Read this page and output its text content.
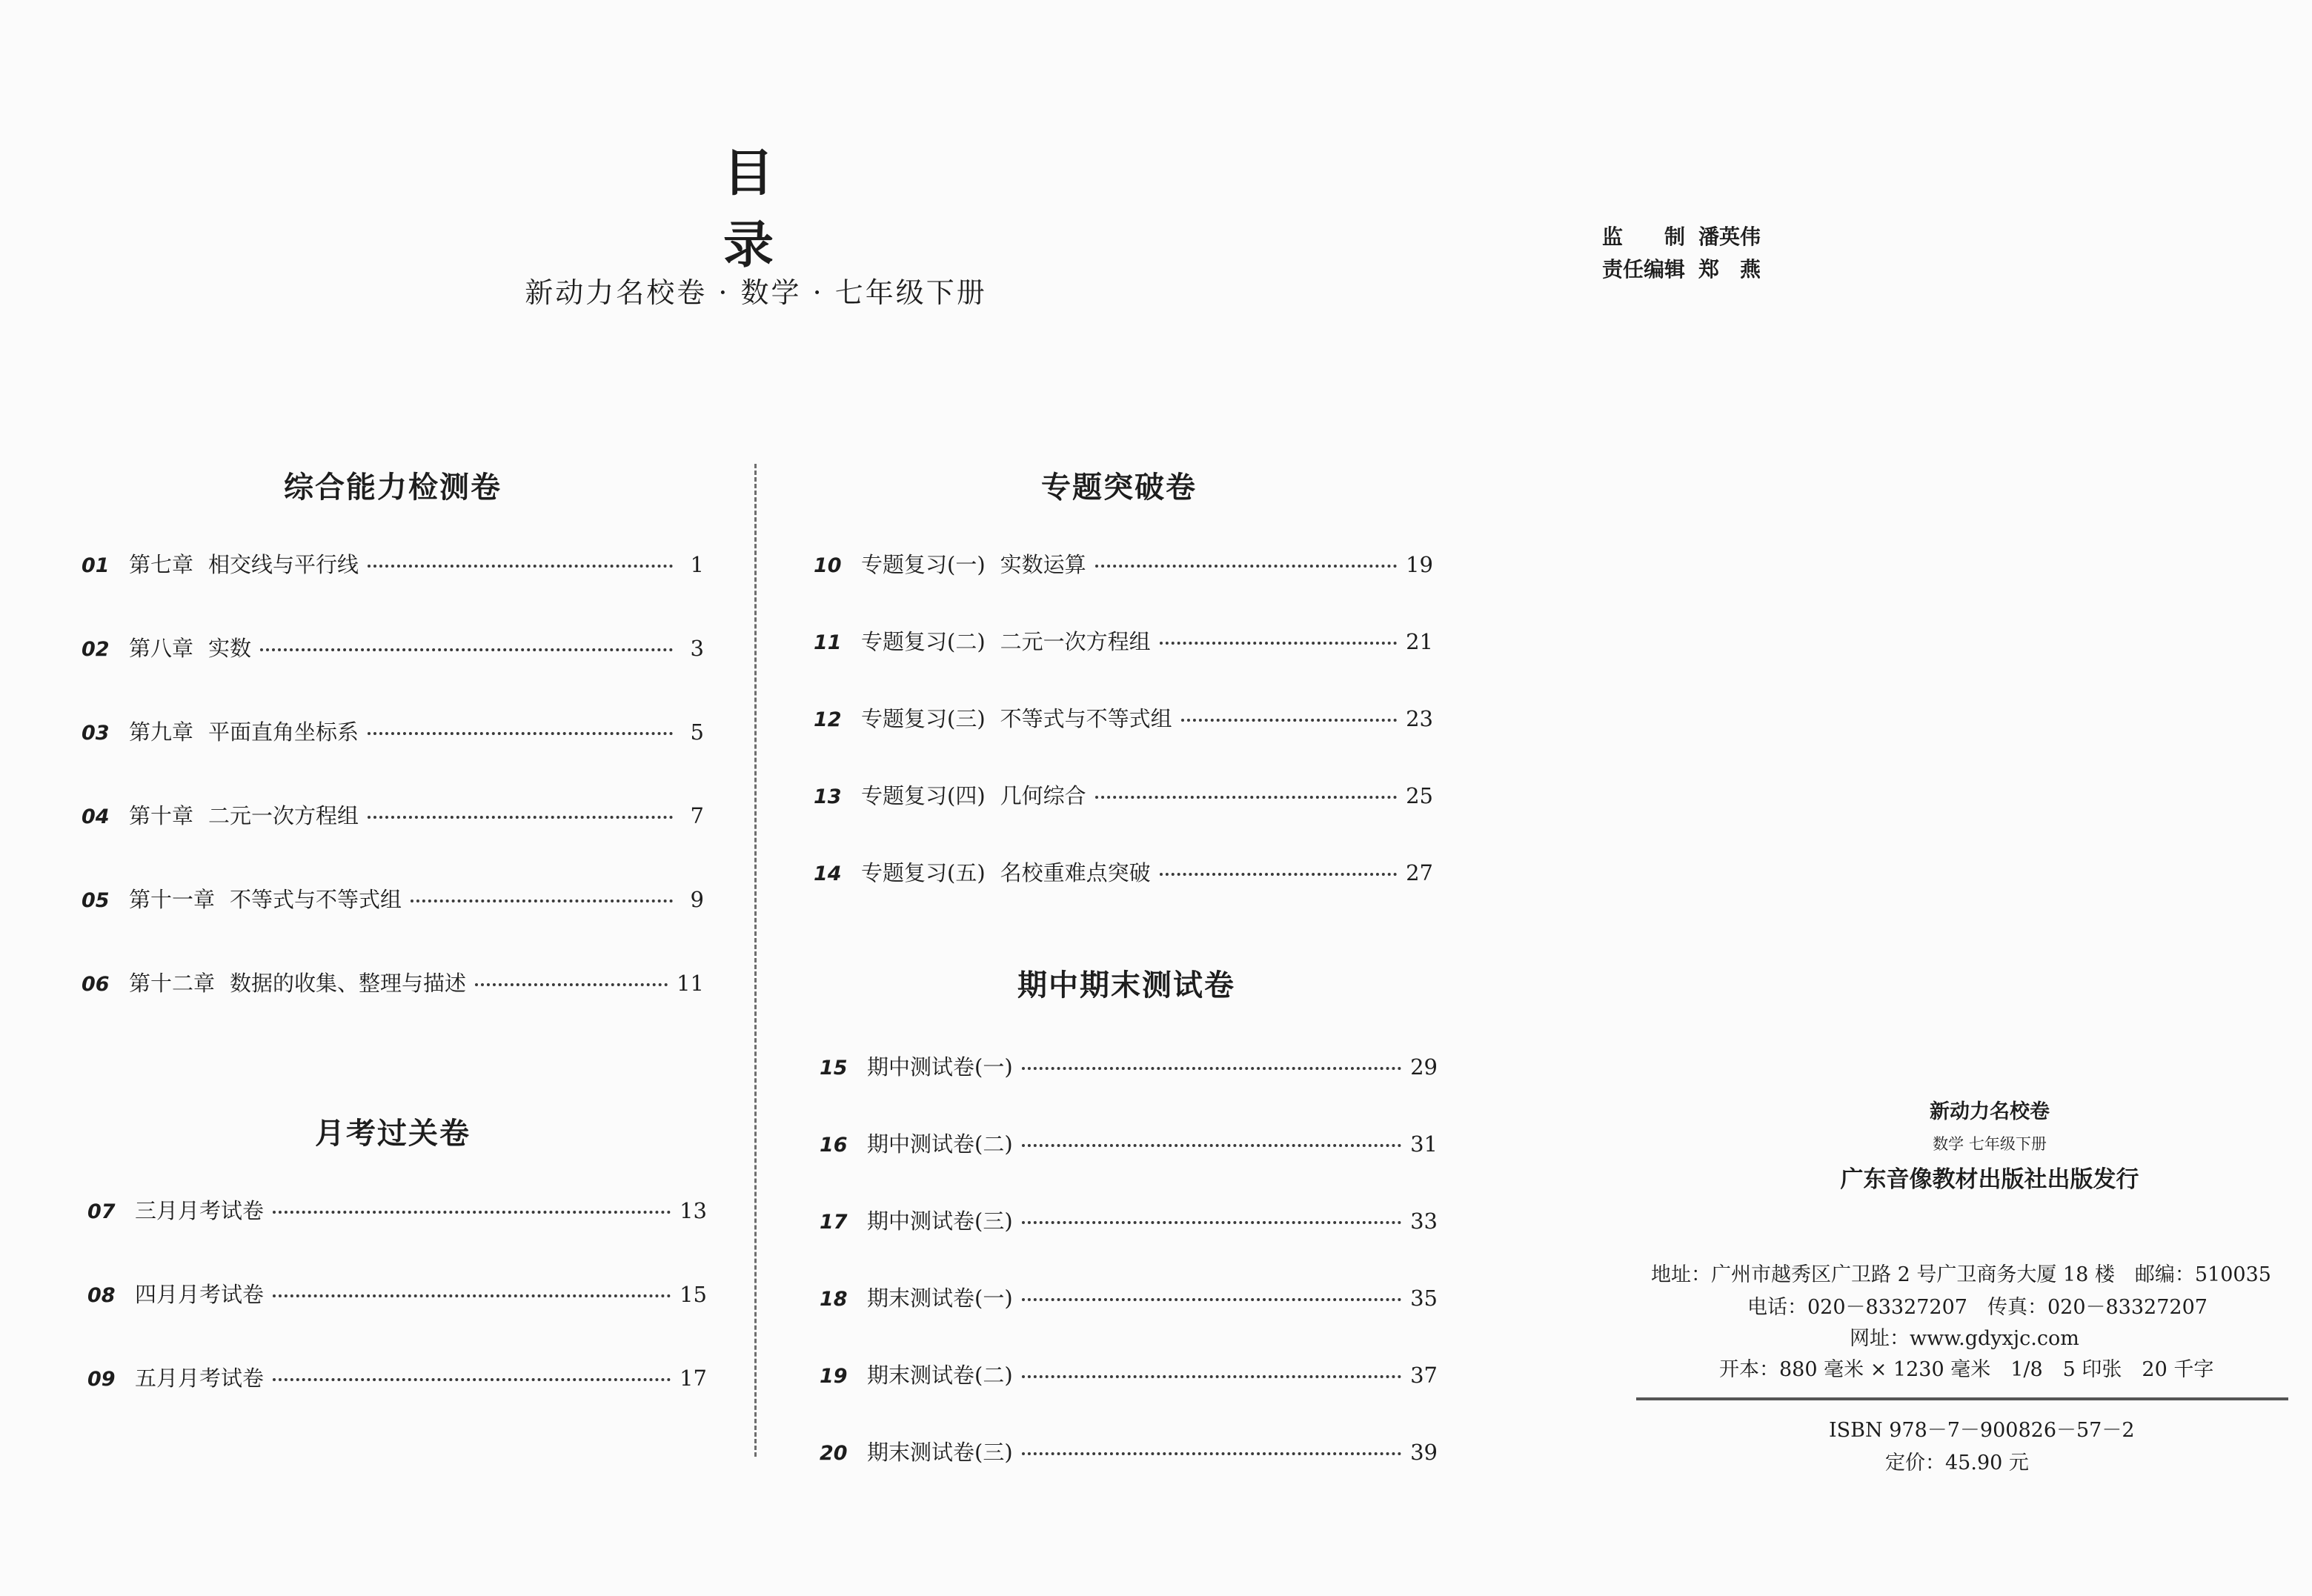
目 录
新动力名校卷 · 数学 · 七年级下册
监　　制 潘英伟
责任编辑 郑　燕
综合能力检测卷
01 第七章 相交线与平行线	1
02 第八章 实数	3
03 第九章 平面直角坐标系	5
04 第十章 二元一次方程组	7
05 第十一章 不等式与不等式组	9
06 第十二章 数据的收集、整理与描述	11
月考过关卷
07 三月月考试卷	13
08 四月月考试卷	15
09 五月月考试卷	17
专题突破卷
10 专题复习(一) 实数运算	19
11 专题复习(二) 二元一次方程组	21
12 专题复习(三) 不等式与不等式组	23
13 专题复习(四) 几何综合	25
14 专题复习(五) 名校重难点突破	27
期中期末测试卷
15 期中测试卷(一)	29
16 期中测试卷(二)	31
17 期中测试卷(三)	33
18 期末测试卷(一)	35
19 期末测试卷(二)	37
20 期末测试卷(三)	39
新动力名校卷
数学 七年级下册
广东音像教材出版社出版发行
地址：广州市越秀区广卫路 2 号广卫商务大厦 18 楼　邮编：510035
电话：020－83327207　传真：020－83327207
网址：www.gdyxjc.com
开本：880 毫米 × 1230 毫米　1/8　5 印张　20 千字
ISBN 978－7－900826－57－2
定价：45.90 元
